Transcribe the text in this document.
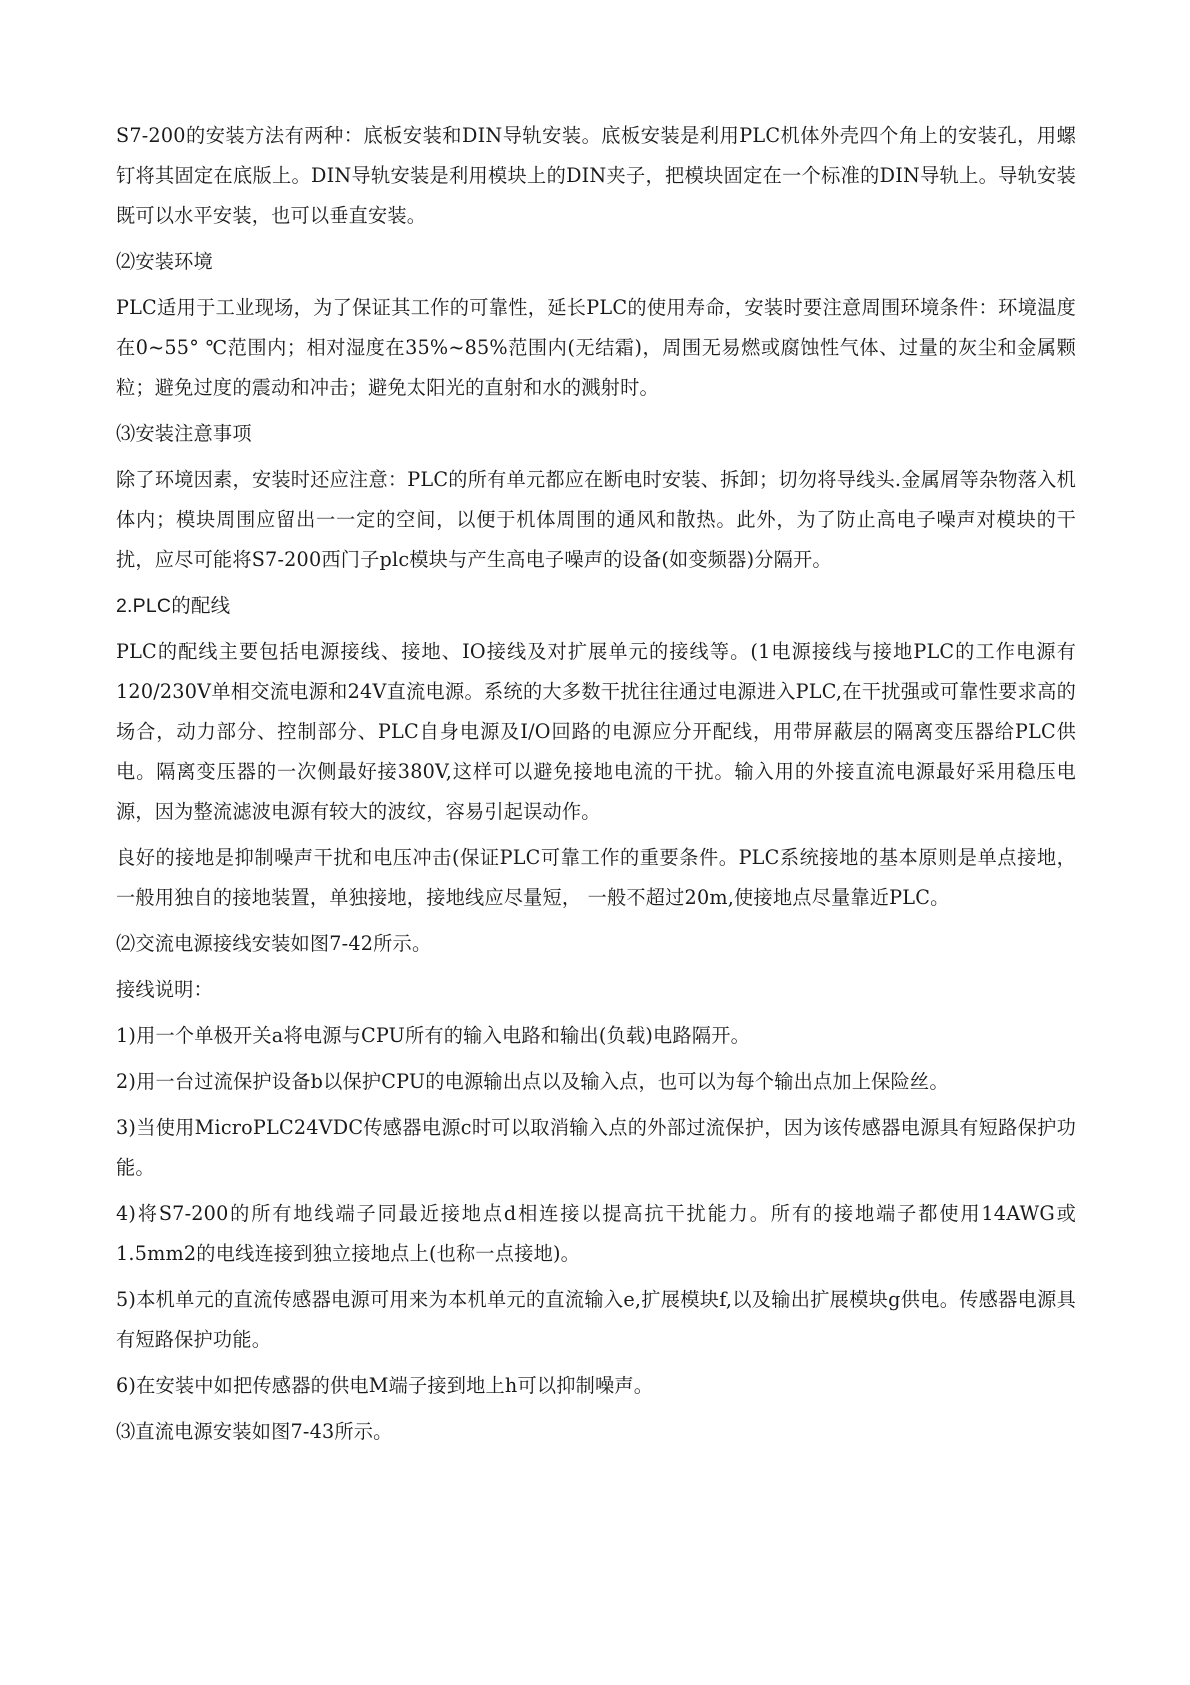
S7-200的安装方法有两种：底板安装和DIN导轨安装。底板安装是利用PLC机体外壳四个角上的安装孔，用螺钉将其固定在底版上。DIN导轨安装是利用模块上的DIN夹子，把模块固定在一个标准的DIN导轨上。导轨安装既可以水平安装，也可以垂直安装。

⑵安装环境

PLC适用于工业现场，为了保证其工作的可靠性，延长PLC的使用寿命，安装时要注意周围环境条件：环境温度在0~55° ℃范围内；相对湿度在35%~85%范围内(无结霜)，周围无易燃或腐蚀性气体、过量的灰尘和金属颗粒；避免过度的震动和冲击；避免太阳光的直射和水的溅射时。

⑶安装注意事项

除了环境因素，安装时还应注意：PLC的所有单元都应在断电时安装、拆卸；切勿将导线头.金属屑等杂物落入机体内；模块周围应留出一一定的空间，以便于机体周围的通风和散热。此外，为了防止高电子噪声对模块的干扰，应尽可能将S7-200西门子plc模块与产生高电子噪声的设备(如变频器)分隔开。

2.PLC的配线

PLC的配线主要包括电源接线、接地、IO接线及对扩展单元的接线等。(1电源接线与接地PLC的工作电源有120/230V单相交流电源和24V直流电源。系统的大多数干扰往往通过电源进入PLC,在干扰强或可靠性要求高的场合，动力部分、控制部分、PLC自身电源及I/O回路的电源应分开配线，用带屏蔽层的隔离变压器给PLC供电。隔离变压器的一次侧最好接380V,这样可以避免接地电流的干扰。输入用的外接直流电源最好采用稳压电源，因为整流滤波电源有较大的波纹，容易引起误动作。

良好的接地是抑制噪声干扰和电压冲击(保证PLC可靠工作的重要条件。PLC系统接地的基本原则是单点接地， 一般用独自的接地装置，单独接地，接地线应尽量短， 一般不超过20m,使接地点尽量靠近PLC。

⑵交流电源接线安装如图7-42所示。

接线说明：

1)用一个单极开关a将电源与CPU所有的输入电路和输出(负载)电路隔开。

2)用一台过流保护设备b以保护CPU的电源输出点以及输入点，也可以为每个输出点加上保险丝。

3)当使用MicroPLC24VDC传感器电源c时可以取消输入点的外部过流保护，因为该传感器电源具有短路保护功能。

4)将S7-200的所有地线端子同最近接地点d相连接以提高抗干扰能力。所有的接地端子都使用14AWG或1.5mm2的电线连接到独立接地点上(也称一点接地)。

5)本机单元的直流传感器电源可用来为本机单元的直流输入e,扩展模块f,以及输出扩展模块g供电。传感器电源具有短路保护功能。

6)在安装中如把传感器的供电M端子接到地上h可以抑制噪声。

⑶直流电源安装如图7-43所示。
